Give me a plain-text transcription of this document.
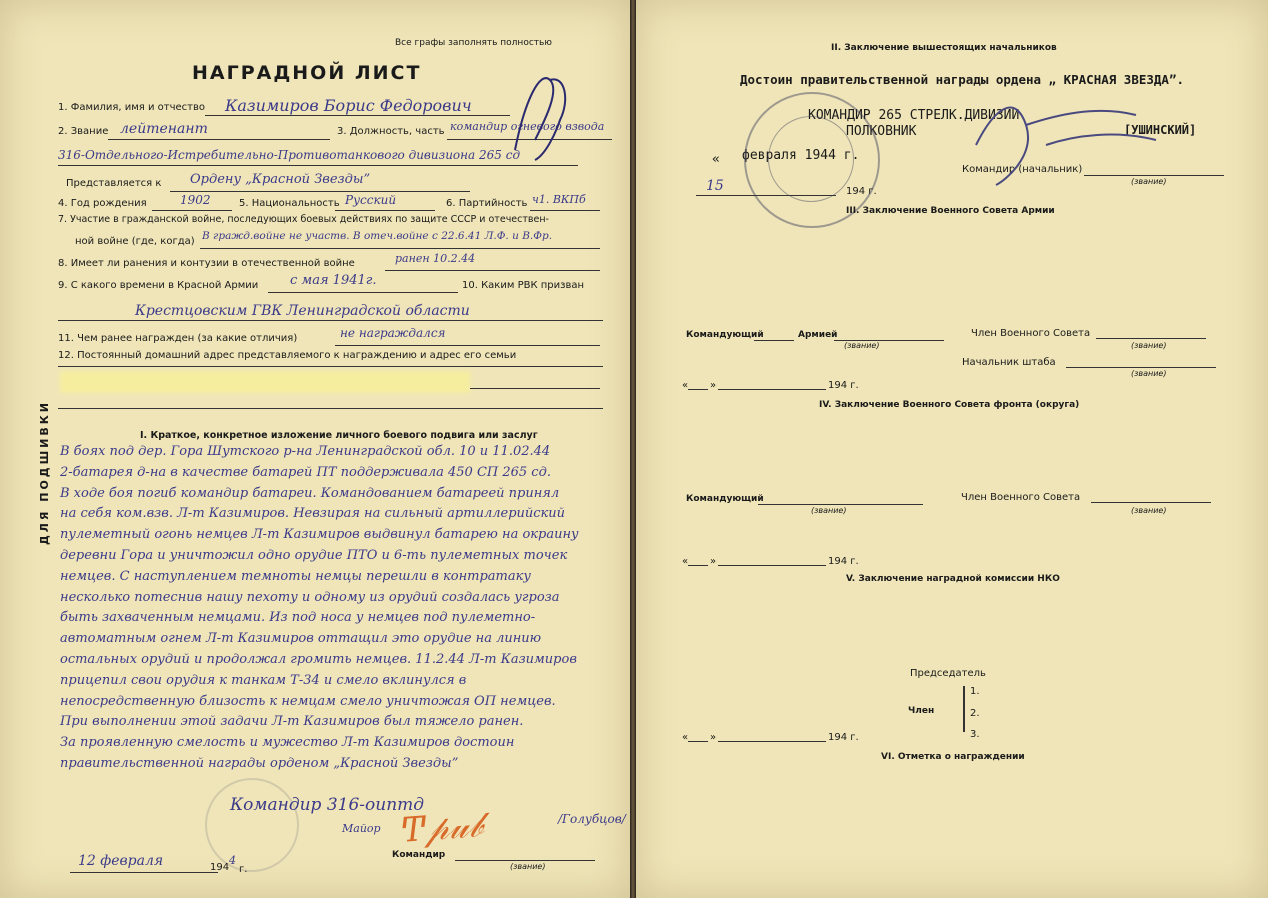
Все графы заполнять полностью
НАГРАДНОЙ ЛИСТ
1. Фамилия, имя и отчество Казимиров Борис Федорович
2. Звание лейтенант	3. Должность, часть командир огневого взвода
316-Отдельного-Истребительно-Противотанкового дивизиона 265 сд
Представляется к Ордену „Красной Звезды”
4. Год рождения	1902	5. Национальность Русский	6. Партийность ч1. ВКПб
7. Участие в гражданской войне, последующих боевых действиях по защите СССР и отечествен-
ной войне (где, когда) В гражд.войне не участв. В отеч.войне с 22.6.41 Л.Ф. и В.Фр.
8. Имеет ли ранения и контузии в отечественной войне	ранен 10.2.44
9. С какого времени в Красной Армии с мая 1941г.	10. Каким РВК призван
Крестцовским ГВК Ленинградской области
11. Чем ранее награжден (за какие отличия)	не награждался
12. Постоянный домашний адрес представляемого к награждению и адрес его семьи
ДЛЯ ПОДШИВКИ	I. Краткое, конкретное изложение личного боевого подвига или заслуг
В боях под дер. Гора Шутского р-на Ленинградской обл. 10 и 11.02.44
2-батарея д-на в качестве батарей ПТ поддерживала 450 СП 265 сд.
В ходе боя погиб командир батареи. Командованием батареей принял
на себя ком.взв. Л-т Казимиров. Невзирая на сильный артиллерийский
пулеметный огонь немцев Л-т Казимиров выдвинул батарею на окраину
деревни Гора и уничтожил одно орудие ПТО и 6-ть пулеметных точек
немцев. С наступлением темноты немцы перешли в контратаку
несколько потеснив нашу пехоту и одному из орудий создалась угроза
быть захваченным немцами. Из под носа у немцев под пулеметно-
автоматным огнем Л-т Казимиров оттащил это орудие на линию
остальных орудий и продолжал громить немцев. 11.2.44 Л-т Казимиров
прицепил свои орудия к танкам Т-34 и смело вклинулся в
непосредственную близость к немцам смело уничтожая ОП немцев.
При выполнении этой задачи Л-т Казимиров был тяжело ранен.
За проявленную смелость и мужество Л-т Казимиров достоин
правительственной награды орденом „Красной Звезды”
Командир 316-оиптд
Майор
/Голубцов/
Ͳ𝓅𝓊𝒷
Командир
(звание)
12 февраля	194
4
г.
II. Заключение вышестоящих начальников
Достоин правительственной награды ордена „ КРАСНАЯ ЗВЕЗДА”.
КОМАНДИР 265 СТРЕЛК.ДИВИЗИИ
ПОЛКОВНИК	[УШИНСКИЙ]
« февраля 1944 г.
Командир (начальник)
(звание)
15	194 г.
III. Заключение Военного Совета Армии
Командующий	Армией
(звание)
Член Военного Совета
(звание)
Начальник штаба
(звание)
« »	194 г.
IV. Заключение Военного Совета фронта (округа)
Командующий
(звание)
Член Военного Совета
(звание)
« »	194 г.
V. Заключение наградной комиссии НКО
Председатель
1.
Член	2.
3.
« »	194 г.
VI. Отметка о награждении
